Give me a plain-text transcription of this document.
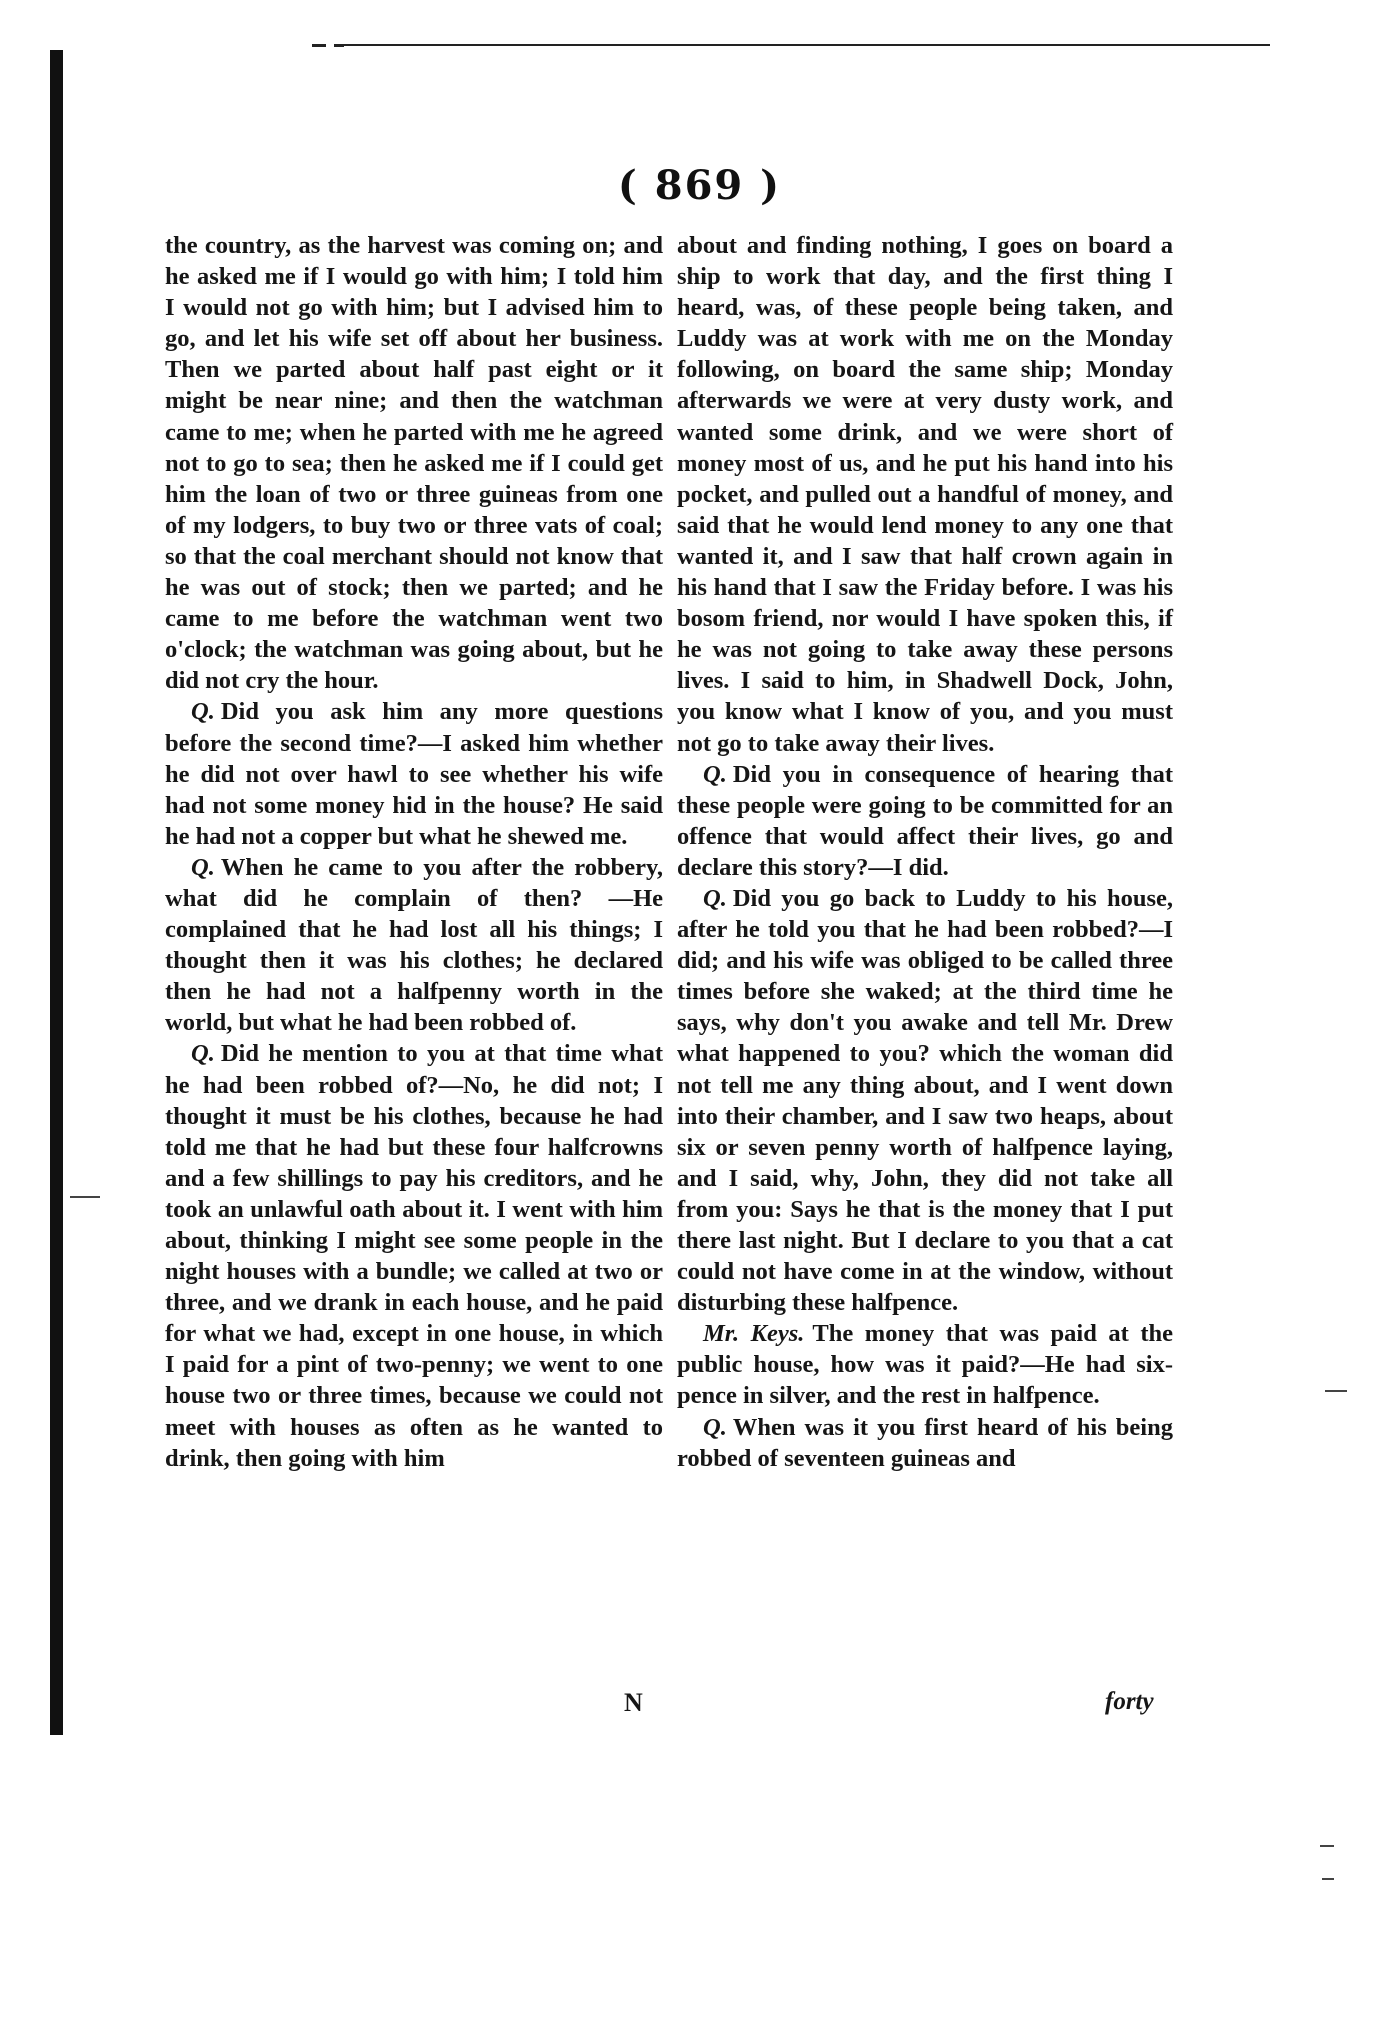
( 869 )

the country, as the harvest was coming on; and he asked me if I would go with him; I told him I would not go with him; but I advised him to go, and let his wife set off about her business. Then we parted about half past eight or it might be near nine; and then the watchman came to me; when he parted with me he agreed not to go to sea; then he asked me if I could get him the loan of two or three guineas from one of my lodgers, to buy two or three vats of coal; so that the coal merchant should not know that he was out of stock; then we parted; and he came to me before the watchman went two o'clock; the watchman was going about, but he did not cry the hour.

Q. Did you ask him any more questions before the second time?—I asked him whether he did not over hawl to see whether his wife had not some money hid in the house? He said he had not a copper but what he shewed me.

Q. When he came to you after the robbery, what did he complain of then? —He complained that he had lost all his things; I thought then it was his clothes; he declared then he had not a halfpenny worth in the world, but what he had been robbed of.

Q. Did he mention to you at that time what he had been robbed of?—No, he did not; I thought it must be his clothes, because he had told me that he had but these four halfcrowns and a few shillings to pay his creditors, and he took an unlawful oath about it. I went with him about, thinking I might see some people in the night houses with a bundle; we called at two or three, and we drank in each house, and he paid for what we had, except in one house, in which I paid for a pint of two-penny; we went to one house two or three times, because we could not meet with houses as often as he wanted to drink, then going with him

about and finding nothing, I goes on board a ship to work that day, and the first thing I heard, was, of these people being taken, and Luddy was at work with me on the Monday following, on board the same ship; Monday afterwards we were at very dusty work, and wanted some drink, and we were short of money most of us, and he put his hand into his pocket, and pulled out a handful of money, and said that he would lend money to any one that wanted it, and I saw that half crown again in his hand that I saw the Friday before. I was his bosom friend, nor would I have spoken this, if he was not going to take away these persons lives. I said to him, in Shadwell Dock, John, you know what I know of you, and you must not go to take away their lives.

Q. Did you in consequence of hearing that these people were going to be committed for an offence that would affect their lives, go and declare this story?—I did.

Q. Did you go back to Luddy to his house, after he told you that he had been robbed?—I did; and his wife was obliged to be called three times before she waked; at the third time he says, why don't you awake and tell Mr. Drew what happened to you? which the woman did not tell me any thing about, and I went down into their chamber, and I saw two heaps, about six or seven penny worth of halfpence laying, and I said, why, John, they did not take all from you: Says he that is the money that I put there last night. But I declare to you that a cat could not have come in at the window, without disturbing these halfpence.

Mr. Keys. The money that was paid at the public house, how was it paid?—He had six-pence in silver, and the rest in halfpence.

Q. When was it you first heard of his being robbed of seventeen guineas and

N	forty
